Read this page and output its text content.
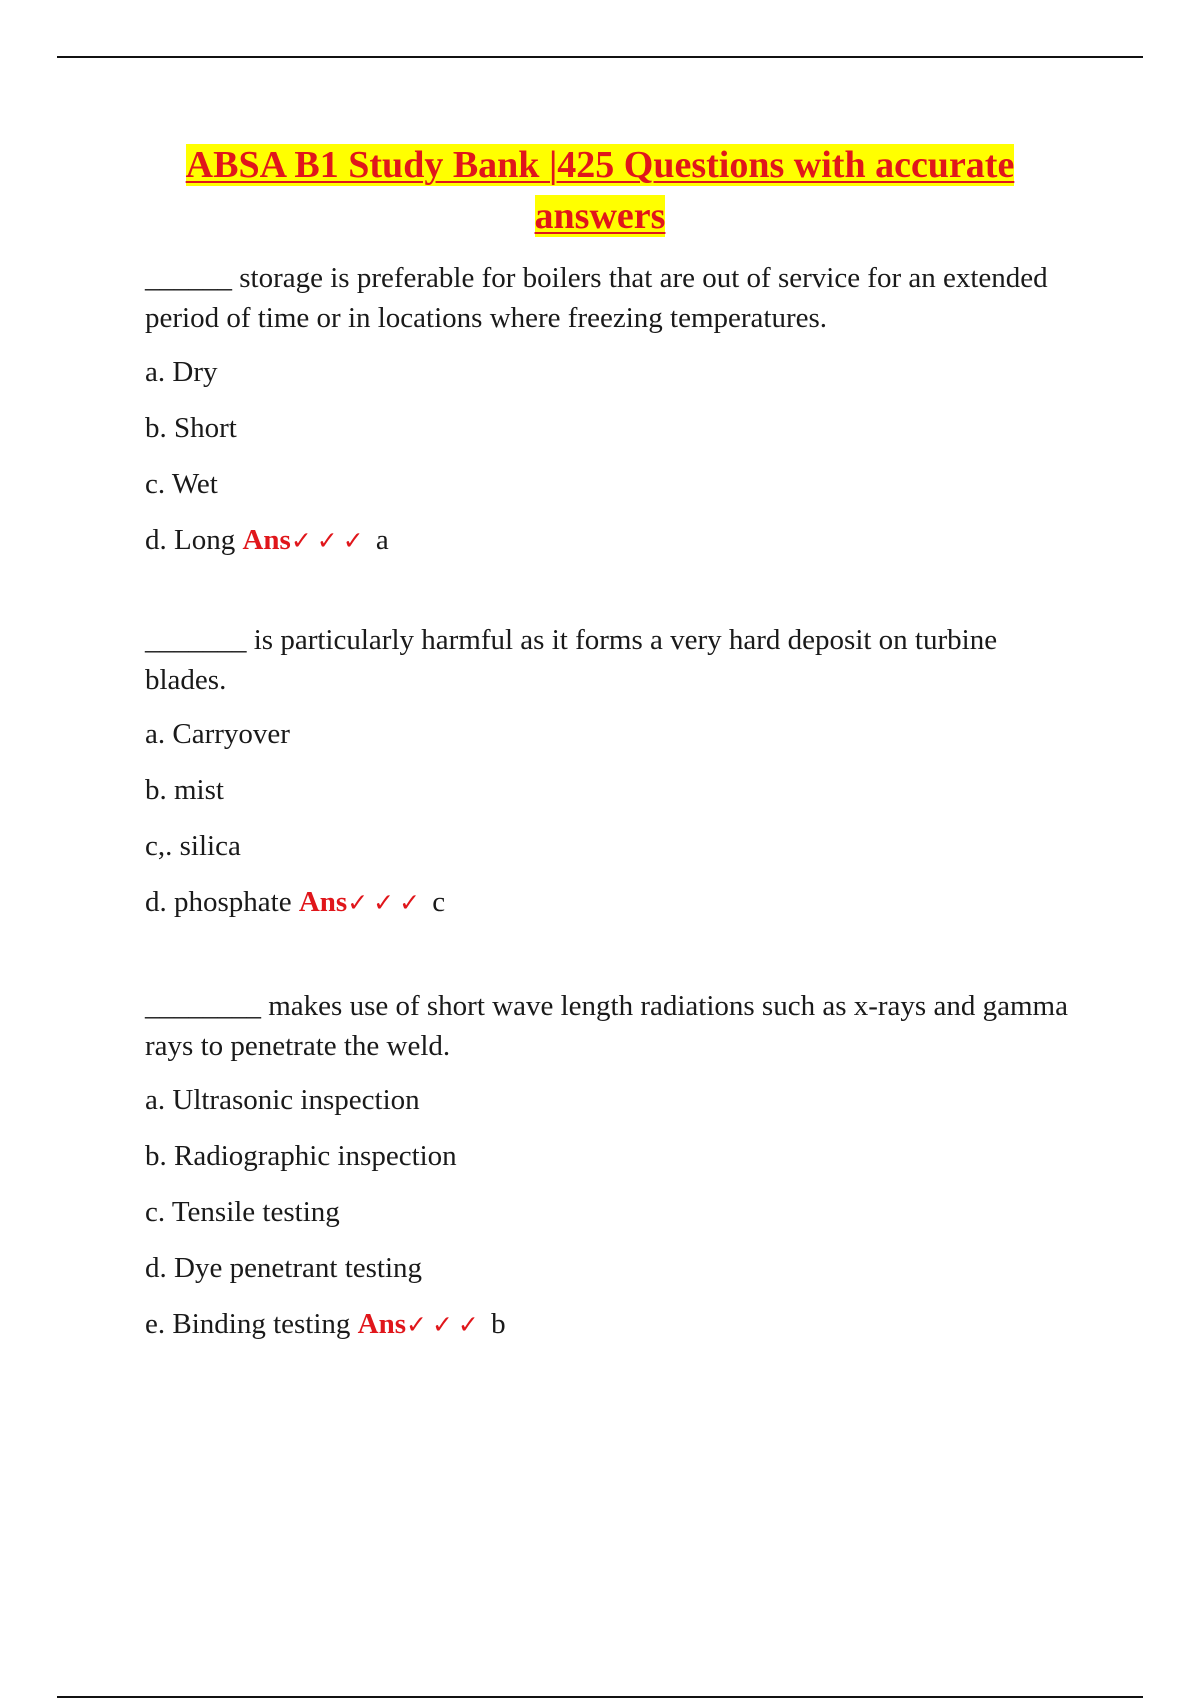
ABSA B1 Study Bank |425 Questions with accurate
answers

______ storage is preferable for boilers that are out of service for an extended period of time or in locations where freezing temperatures.

a. Dry

b. Short

c. Wet

d. Long Ans✓✓✓ a

_______ is particularly harmful as it forms a very hard deposit on turbine blades.

a. Carryover

b. mist

c,. silica

d. phosphate Ans✓✓✓ c

________ makes use of short wave length radiations such as x-rays and gamma rays to penetrate the weld.

a. Ultrasonic inspection

b. Radiographic inspection

c. Tensile testing

d. Dye penetrant testing

e. Binding testing Ans✓✓✓ b
